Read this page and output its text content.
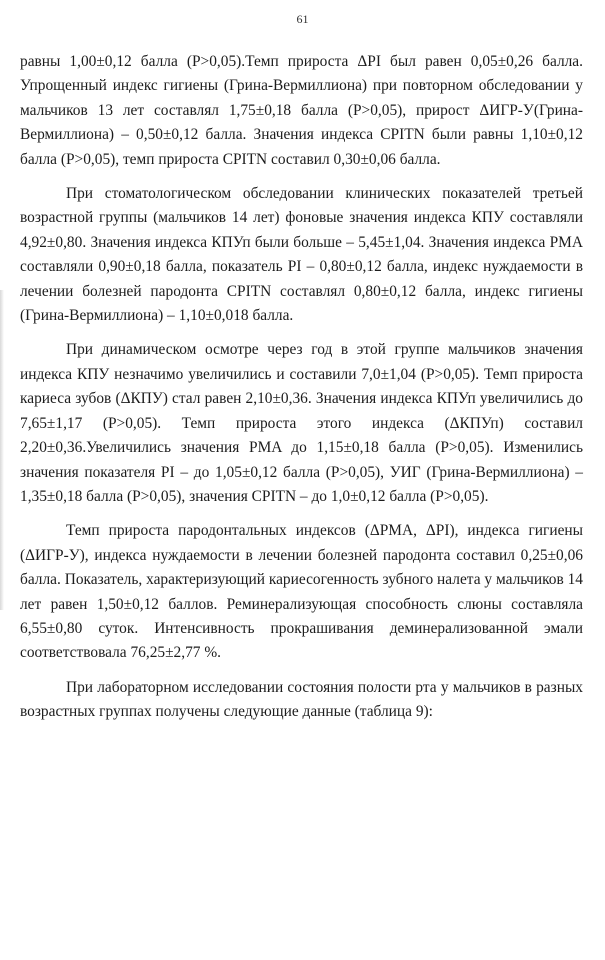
61

равны 1,00±0,12 балла (P>0,05).Темп прироста ΔPI был равен 0,05±0,26 балла. Упрощенный индекс гигиены (Грина-Вермиллиона) при повторном обследовании у мальчиков 13 лет составлял 1,75±0,18 балла (P>0,05), прирост ΔИГР-У(Грина-Вермиллиона) – 0,50±0,12 балла. Значения индекса CPITN были равны 1,10±0,12 балла (P>0,05), темп прироста CPITN составил 0,30±0,06 балла.

При стоматологическом обследовании клинических показателей третьей возрастной группы (мальчиков 14 лет) фоновые значения индекса КПУ составляли 4,92±0,80. Значения индекса КПУп были больше – 5,45±1,04. Значения индекса PMA составляли 0,90±0,18 балла, показатель PI – 0,80±0,12 балла, индекс нуждаемости в лечении болезней пародонта CPITN составлял 0,80±0,12 балла, индекс гигиены (Грина-Вермиллиона) – 1,10±0,018 балла.

При динамическом осмотре через год в этой группе мальчиков значения индекса КПУ незначимо увеличились и составили 7,0±1,04 (P>0,05). Темп прироста кариеса зубов (ΔКПУ) стал равен 2,10±0,36. Значения индекса КПУп увеличились до 7,65±1,17 (P>0,05). Темп прироста этого индекса (ΔКПУп) составил 2,20±0,36.Увеличились значения PMA до 1,15±0,18 балла (P>0,05). Изменились значения показателя PI – до 1,05±0,12 балла (P>0,05), УИГ (Грина-Вермиллиона) – 1,35±0,18 балла (P>0,05), значения CPITN – до 1,0±0,12 балла (P>0,05).

Темп прироста пародонтальных индексов (ΔPMA, ΔPI), индекса гигиены (ΔИГР-У), индекса нуждаемости в лечении болезней пародонта составил 0,25±0,06 балла. Показатель, характеризующий кариесогенность зубного налета у мальчиков 14 лет равен 1,50±0,12 баллов. Реминерализующая способность слюны составляла 6,55±0,80 суток. Интенсивность прокрашивания деминерализованной эмали соответствовала 76,25±2,77 %.

При лабораторном исследовании состояния полости рта у мальчиков в разных возрастных группах получены следующие данные (таблица 9):
